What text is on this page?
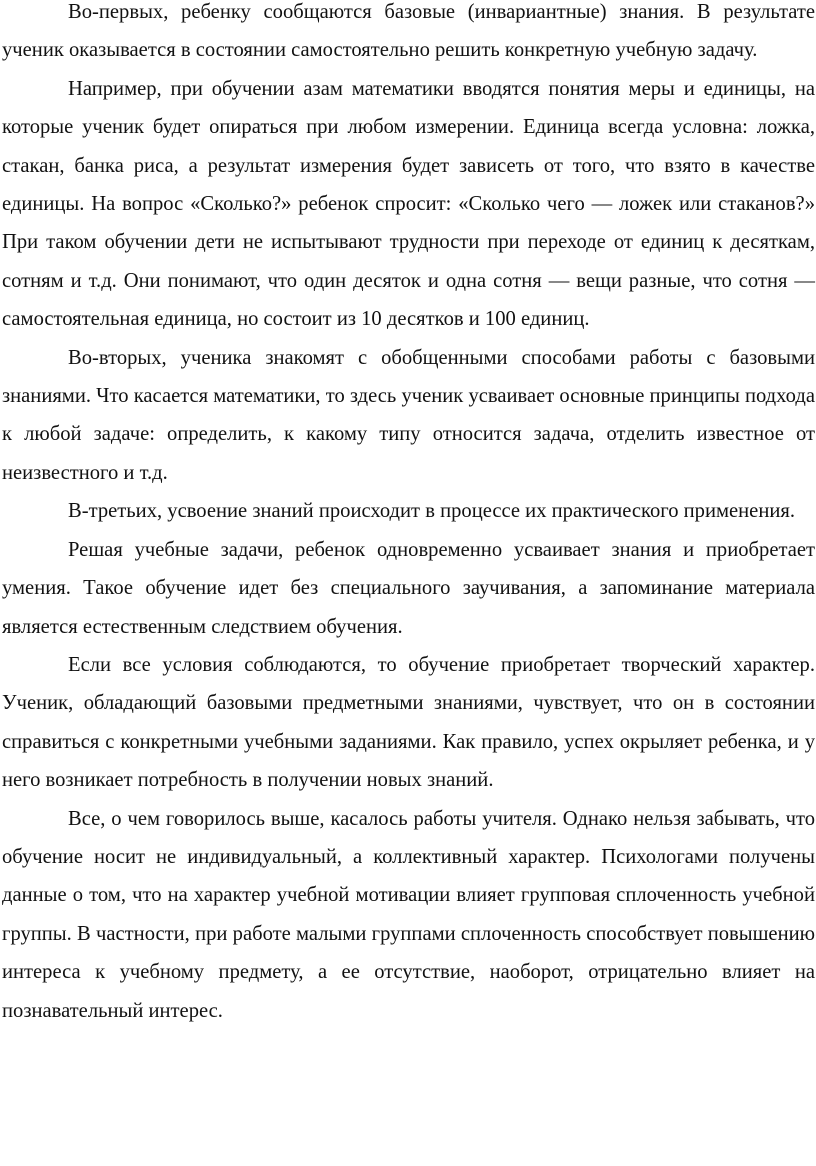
Во-первых, ребенку сообщаются базовые (инвариантные) знания. В результате ученик оказывается в состоянии самостоятельно решить конкретную учебную задачу.

Например, при обучении азам математики вводятся понятия меры и единицы, на которые ученик будет опираться при любом измерении. Единица всегда условна: ложка, стакан, банка риса, а результат измерения будет зависеть от того, что взято в качестве единицы. На вопрос «Сколько?» ребенок спросит: «Сколько чего — ложек или стаканов?» При таком обучении дети не испытывают трудности при переходе от единиц к десяткам, сотням и т.д. Они понимают, что один десяток и одна сотня — вещи разные, что сотня — самостоятельная единица, но состоит из 10 десятков и 100 единиц.

Во-вторых, ученика знакомят с обобщенными способами работы с базовыми знаниями. Что касается математики, то здесь ученик усваивает основные принципы подхода к любой задаче: определить, к какому типу относится задача, отделить известное от неизвестного и т.д.

В-третьих, усвоение знаний происходит в процессе их практического применения.

Решая учебные задачи, ребенок одновременно усваивает знания и приобретает умения. Такое обучение идет без специального заучивания, а запоминание материала является естественным следствием обучения.

Если все условия соблюдаются, то обучение приобретает творческий характер. Ученик, обладающий базовыми предметными знаниями, чувствует, что он в состоянии справиться с конкретными учебными заданиями. Как правило, успех окрыляет ребенка, и у него возникает потребность в получении новых знаний.

Все, о чем говорилось выше, касалось работы учителя. Однако нельзя забывать, что обучение носит не индивидуальный, а коллективный характер. Психологами получены данные о том, что на характер учебной мотивации влияет групповая сплоченность учебной группы. В частности, при работе малыми группами сплоченность способствует повышению интереса к учебному предмету, а ее отсутствие, наоборот, отрицательно влияет на познавательный интерес.
